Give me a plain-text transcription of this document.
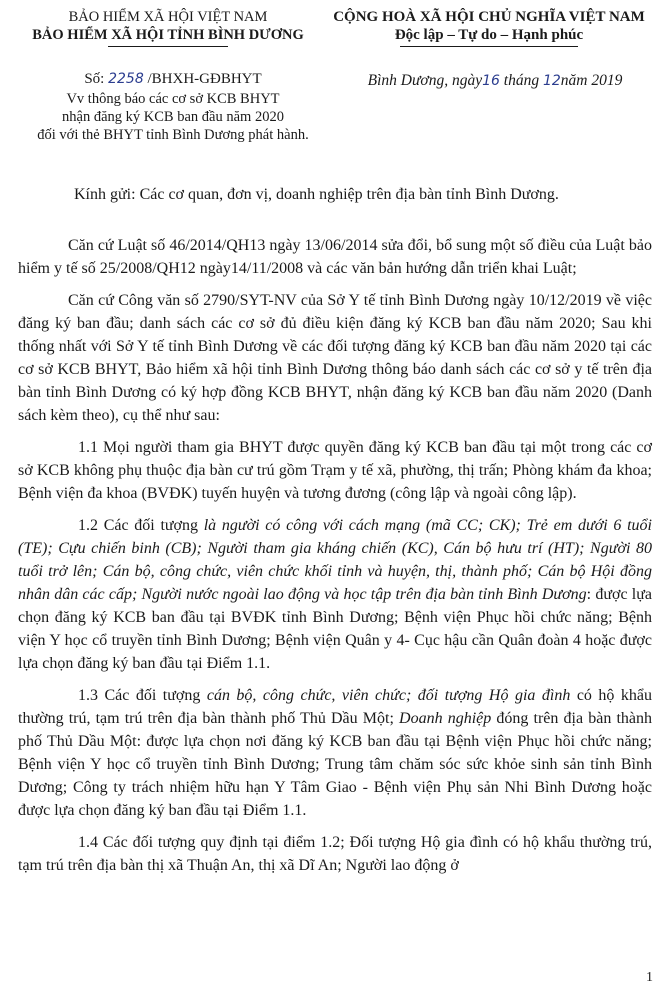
BẢO HIỂM XÃ HỘI VIỆT NAM
BẢO HIỂM XÃ HỘI TỈNH BÌNH DƯƠNG
CỘNG HOÀ XÃ HỘI CHỦ NGHĨA VIỆT NAM
Độc lập – Tự do – Hạnh phúc
Số: 2258 /BHXH-GĐBHYT
Vv thông báo các cơ sở KCB BHYT
nhận đăng ký KCB ban đầu năm 2020
đối với thẻ BHYT tỉnh Bình Dương phát hành.
Bình Dương, ngày16 tháng 12năm 2019
Kính gửi: Các cơ quan, đơn vị, doanh nghiệp trên địa bàn tỉnh Bình Dương.

Căn cứ Luật số 46/2014/QH13 ngày 13/06/2014 sửa đổi, bổ sung một số điều của Luật bảo hiểm y tế số 25/2008/QH12 ngày14/11/2008 và các văn bản hướng dẫn triển khai Luật;

Căn cứ Công văn số 2790/SYT-NV của Sở Y tế tỉnh Bình Dương ngày 10/12/2019 về việc đăng ký ban đầu; danh sách các cơ sở đủ điều kiện đăng ký KCB ban đầu năm 2020; Sau khi thống nhất với Sở Y tế tỉnh Bình Dương về các đối tượng đăng ký KCB ban đầu năm 2020 tại các cơ sở KCB BHYT, Bảo hiểm xã hội tỉnh Bình Dương thông báo danh sách các cơ sở y tế trên địa bàn tỉnh Bình Dương có ký hợp đồng KCB BHYT, nhận đăng ký KCB ban đầu năm 2020 (Danh sách kèm theo), cụ thể như sau:

1.1 Mọi người tham gia BHYT được quyền đăng ký KCB ban đầu tại một trong các cơ sở KCB không phụ thuộc địa bàn cư trú gồm Trạm y tế xã, phường, thị trấn; Phòng khám đa khoa; Bệnh viện đa khoa (BVĐK) tuyến huyện và tương đương (công lập và ngoài công lập).

1.2 Các đối tượng là người có công với cách mạng (mã CC; CK); Trẻ em dưới 6 tuổi (TE); Cựu chiến binh (CB); Người tham gia kháng chiến (KC), Cán bộ hưu trí (HT); Người 80 tuổi trở lên; Cán bộ, công chức, viên chức khối tỉnh và huyện, thị, thành phố; Cán bộ Hội đồng nhân dân các cấp; Người nước ngoài lao động và học tập trên địa bàn tỉnh Bình Dương: được lựa chọn đăng ký KCB ban đầu tại BVĐK tỉnh Bình Dương; Bệnh viện Phục hồi chức năng; Bệnh viện Y học cổ truyền tỉnh Bình Dương; Bệnh viện Quân y 4- Cục hậu cần Quân đoàn 4 hoặc được lựa chọn đăng ký ban đầu tại Điểm 1.1.

1.3 Các đối tượng cán bộ, công chức, viên chức; đối tượng Hộ gia đình có hộ khẩu thường trú, tạm trú trên địa bàn thành phố Thủ Dầu Một; Doanh nghiệp đóng trên địa bàn thành phố Thủ Dầu Một: được lựa chọn nơi đăng ký KCB ban đầu tại Bệnh viện Phục hồi chức năng; Bệnh viện Y học cổ truyền tỉnh Bình Dương; Trung tâm chăm sóc sức khỏe sinh sản tỉnh Bình Dương; Công ty trách nhiệm hữu hạn Y Tâm Giao - Bệnh viện Phụ sản Nhi Bình Dương hoặc được lựa chọn đăng ký ban đầu tại Điểm 1.1.

1.4 Các đối tượng quy định tại điểm 1.2; Đối tượng Hộ gia đình có hộ khẩu thường trú, tạm trú trên địa bàn thị xã Thuận An, thị xã Dĩ An; Người lao động ở

1
